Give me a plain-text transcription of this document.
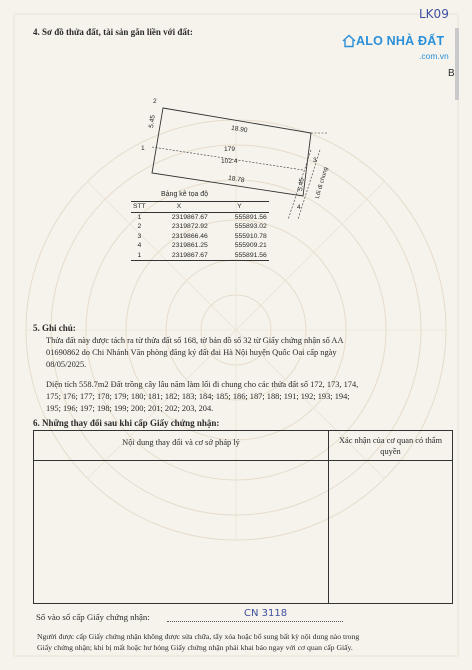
LK09
ALO NHÀ ĐẤT
.com.vn
B
4. Sơ đồ thửa đất, tài sản gắn liền với đất:
2
1
3
4
18.90
18.78
5.45
5.45
179
102.4
Lối đi chung
Bảng kê tọa độ
STT	X	Y
1	2319867.67	555891.56
2	2319872.92	555893.02
3	2319866.46	555910.78
4	2319861.25	555909.21
1	2319867.67	555891.56
5. Ghi chú:
Thửa đất này được tách ra từ thửa đất số 168, tờ bản đồ số 32 từ Giấy chứng nhận số AA
01690862 do Chi Nhánh Văn phòng đăng ký đất đai Hà Nội huyện Quốc Oai cấp ngày
08/05/2025.
Diện tích 558.7m2 Đất trồng cây lâu năm làm lối đi chung cho các thửa đất số 172, 173, 174,
175; 176; 177; 178; 179; 180; 181; 182; 183; 184; 185; 186; 187; 188; 191; 192; 193; 194;
195; 196; 197; 198; 199; 200; 201; 202; 203, 204.
6. Những thay đổi sau khi cấp Giấy chứng nhận:
Nội dung thay đổi và cơ sở pháp lý	Xác nhận của cơ quan có thẩm quyền
Số vào sổ cấp Giấy chứng nhận:	CN 3118
Người được cấp Giấy chứng nhận không được sửa chữa, tẩy xóa hoặc bổ sung bất kỳ nội dung nào trong
Giấy chứng nhận; khi bị mất hoặc hư hỏng Giấy chứng nhận phải khai báo ngay với cơ quan cấp Giấy.
